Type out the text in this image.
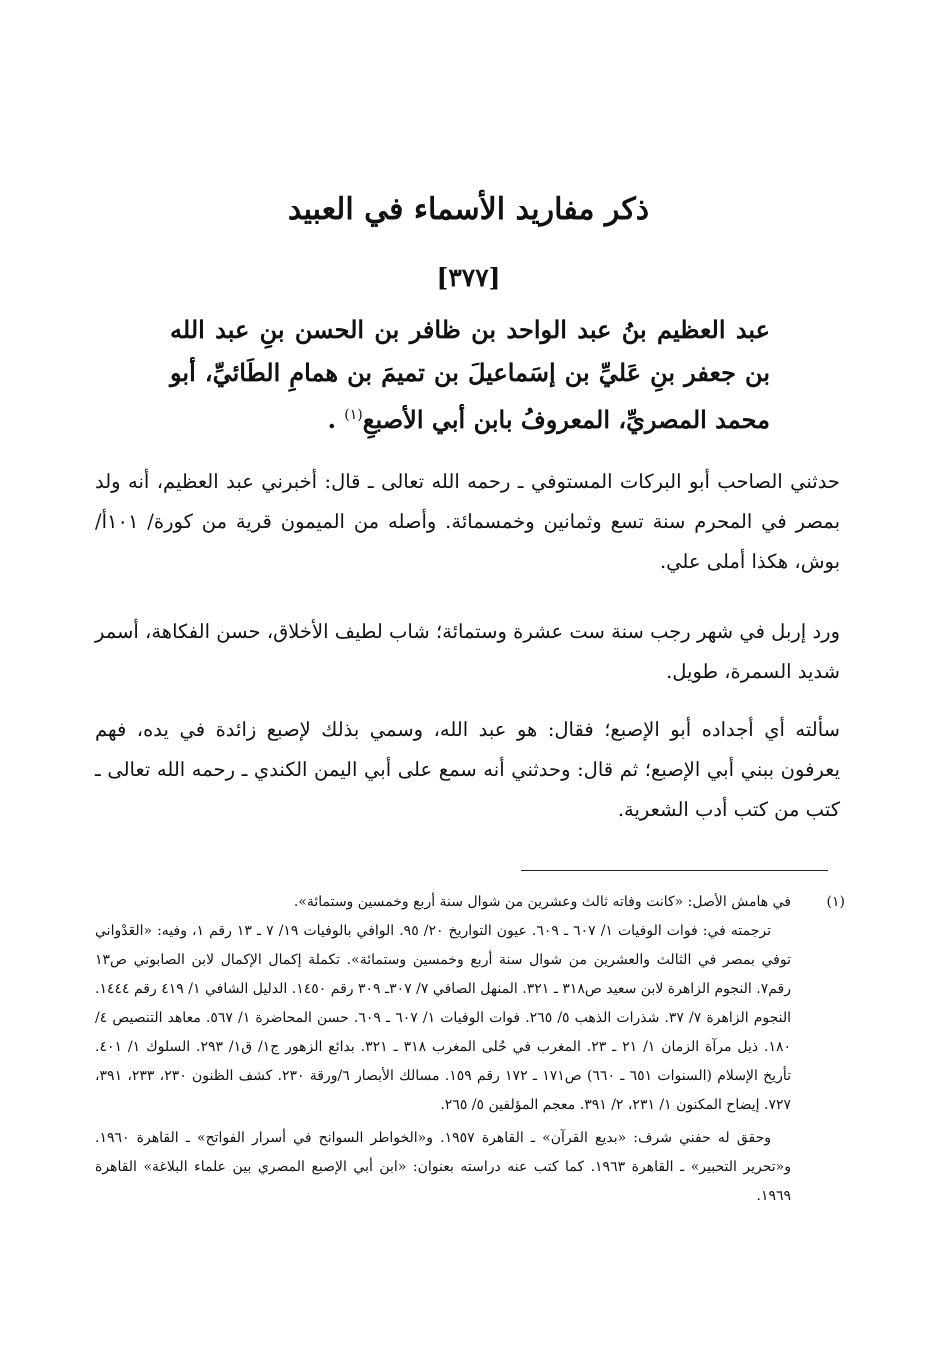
ذكر مفاريد الأسماء في العبيد
[٣٧٧]
عبد العظيم بنُ عبد الواحد بن ظافر بن الحسن بنِ عبد الله بن جعفر بنِ عَليِّ بن إسَماعيلَ بن تميمَ بن همامِ الطَائيِّ، أبو محمد المصريِّ، المعروفُ بابن أبي الأصبعِ$^{(١)}$ .
حدثني الصاحب أبو البركات المستوفي ـ رحمه الله تعالى ـ قال: أخبرني عبد العظيم، أنه ولد بمصر في المحرم سنة تسع وثمانين وخمسمائة. وأصله من الميمون قرية من كورة/ ١٠١أ/ بوش، هكذا أملى علي.
ورد إربل في شهر رجب سنة ست عشرة وستمائة؛ شاب لطيف الأخلاق، حسن الفكاهة، أسمر شديد السمرة، طويل.
سألته أي أجداده أبو الإصبع؛ فقال: هو عبد الله، وسمي بذلك لإصبع زائدة في يده، فهم يعرفون ببني أبي الإصبع؛ ثم قال: وحدثني أنه سمع على أبي اليمن الكندي ـ رحمه الله تعالى ـ كتب من كتب أدب الشعرية.
(١)
في هامش الأصل: «كانت وفاته ثالث وعشرين من شوال سنة أربع وخمسين وستمائة».
ترجمته في: فوات الوفيات ١/ ٦٠٧ ـ ٦٠٩. عيون التواريخ ٢٠/ ٩٥. الوافي بالوفيات ١٩/ ٧ ـ ١٣ رقم ١، وفيه: «العَدْواني توفي بمصر في الثالث والعشرين من شوال سنة أربع وخمسين وستمائة». تكملة إكمال الإكمال لابن الصابوني ص١٣ رقم٧. النجوم الزاهرة لابن سعيد ص٣١٨ ـ ٣٢١. المنهل الصافي ٧/ ٣٠٧ـ ٣٠٩ رقم ١٤٥٠. الدليل الشافي ١/ ٤١٩ رقم ١٤٤٤. النجوم الزاهرة ٧/ ٣٧. شذرات الذهب ٥/ ٢٦٥. فوات الوفيات ١/ ٦٠٧ ـ ٦٠٩. حسن المحاضرة ١/ ٥٦٧. معاهد التنصيص ٤/ ١٨٠. ذيل مرآة الزمان ١/ ٢١ ـ ٢٣. المغرب في حُلى المغرب ٣١٨ ـ ٣٢١. بدائع الزهور ج١/ ق١/ ٢٩٣. السلوك ١/ ٤٠١. تأريخ الإسلام (السنوات ٦٥١ ـ ٦٦٠) ص١٧١ ـ ١٧٢ رقم ١٥٩. مسالك الأبصار ٦/ورقة ٢٣٠. كشف الظنون ٢٣٠، ٢٣٣، ٣٩١، ٧٢٧. إيضاح المكنون ١/ ٢٣١، ٢/ ٣٩١. معجم المؤلفين ٥/ ٢٦٥.
وحقق له حفني شرف: «بديع القرآن» ـ القاهرة ١٩٥٧. و«الخواطر السوانح في أسرار الفواتح» ـ القاهرة ١٩٦٠. و«تحرير التحبير» ـ القاهرة ١٩٦٣. كما كتب عنه دراسته بعنوان: «ابن أبي الإصبع المصري بين علماء البلاغة» القاهرة ١٩٦٩.
